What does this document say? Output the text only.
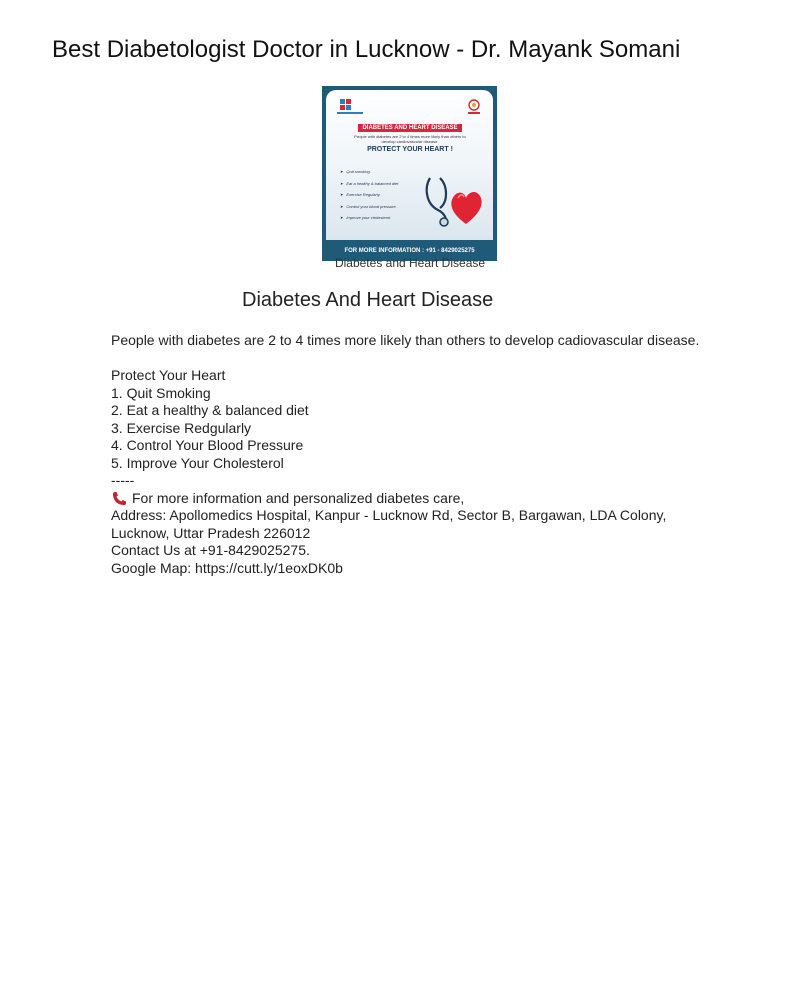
Best Diabetologist Doctor in Lucknow - Dr. Mayank Somani
DIABETES AND HEART DISEASE
People with diabetes are 2 to 4 times more likely than others to develop cardiovascular disease.
PROTECT YOUR HEART !
➤ Quit smoking.
➤ Eat a healthy & balanced diet
➤ Exercise Regularly.
➤ Control your blood pressure.
➤ Improve your cholesterol.
FOR MORE INFORMATION : +91 - 8429025275
Diabetes and Heart Disease
Diabetes And Heart Disease
People with diabetes are 2 to 4 times more likely than others to develop cadiovascular disease.
Protect Your Heart
1. Quit Smoking
2. Eat a healthy & balanced diet
3. Exercise Redgularly
4. Control Your Blood Pressure
5. Improve Your Cholesterol
-----
For more information and personalized diabetes care,
Address: Apollomedics Hospital, Kanpur - Lucknow Rd, Sector B, Bargawan, LDA Colony,
Lucknow, Uttar Pradesh 226012
Contact Us at +91-8429025275.
Google Map: https://cutt.ly/1eoxDK0b
